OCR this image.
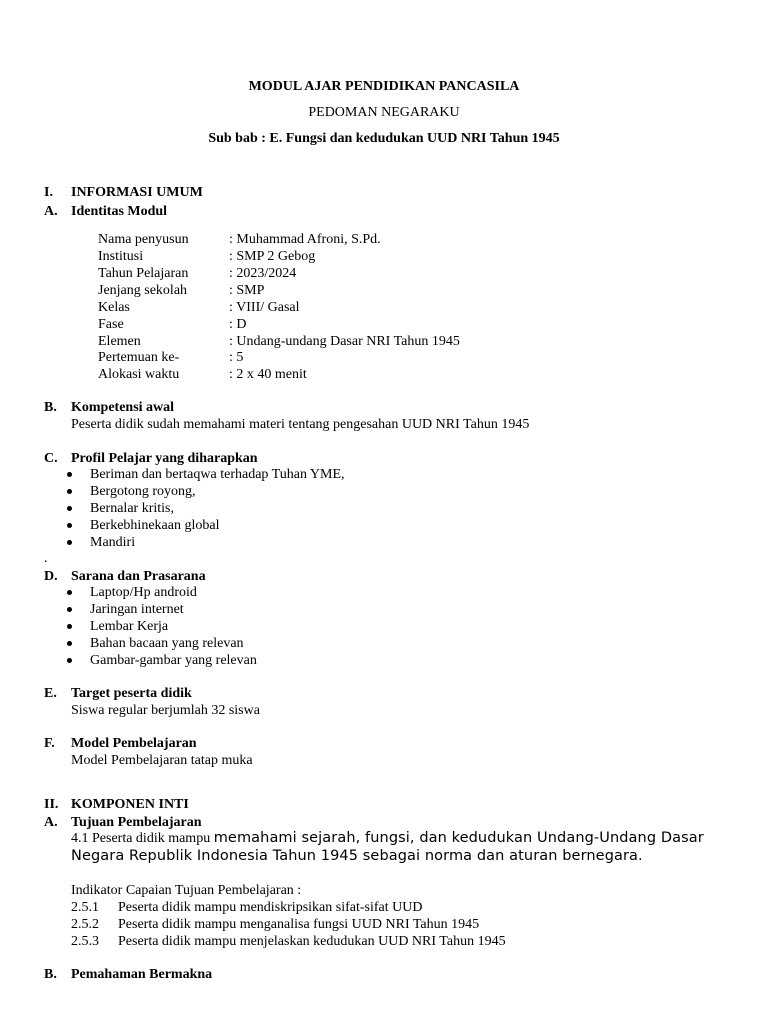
MODUL AJAR PENDIDIKAN PANCASILA
PEDOMAN NEGARAKU
Sub bab : E. Fungsi dan kedudukan UUD NRI Tahun 1945
I. INFORMASI UMUM
A. Identitas Modul
Nama penyusun	: Muhammad Afroni, S.Pd.
Institusi	: SMP 2 Gebog
Tahun Pelajaran	: 2023/2024
Jenjang sekolah	: SMP
Kelas	: VIII/ Gasal
Fase	: D
Elemen	: Undang-undang Dasar NRI Tahun 1945
Pertemuan ke-	: 5
Alokasi waktu	: 2 x 40 menit
B. Kompetensi awal
Peserta didik sudah memahami materi tentang pengesahan UUD NRI Tahun 1945
C. Profil Pelajar yang diharapkan
Beriman dan bertaqwa terhadap Tuhan YME,
Bergotong royong,
Bernalar kritis,
Berkebhinekaan global
Mandiri
.
D. Sarana dan Prasarana
Laptop/Hp android
Jaringan internet
Lembar Kerja
Bahan bacaan yang relevan
Gambar-gambar yang relevan
E. Target peserta didik
Siswa regular berjumlah 32 siswa
F. Model Pembelajaran
Model Pembelajaran tatap muka
II. KOMPONEN INTI
A. Tujuan Pembelajaran
4.1 Peserta didik mampu memahami sejarah, fungsi, dan kedudukan Undang-Undang Dasar
Negara Republik Indonesia Tahun 1945 sebagai norma dan aturan bernegara.
Indikator Capaian Tujuan Pembelajaran :
2.5.1 Peserta didik mampu mendiskripsikan sifat-sifat UUD
2.5.2 Peserta didik mampu menganalisa fungsi UUD NRI Tahun 1945
2.5.3 Peserta didik mampu menjelaskan kedudukan UUD NRI Tahun 1945
B. Pemahaman Bermakna
